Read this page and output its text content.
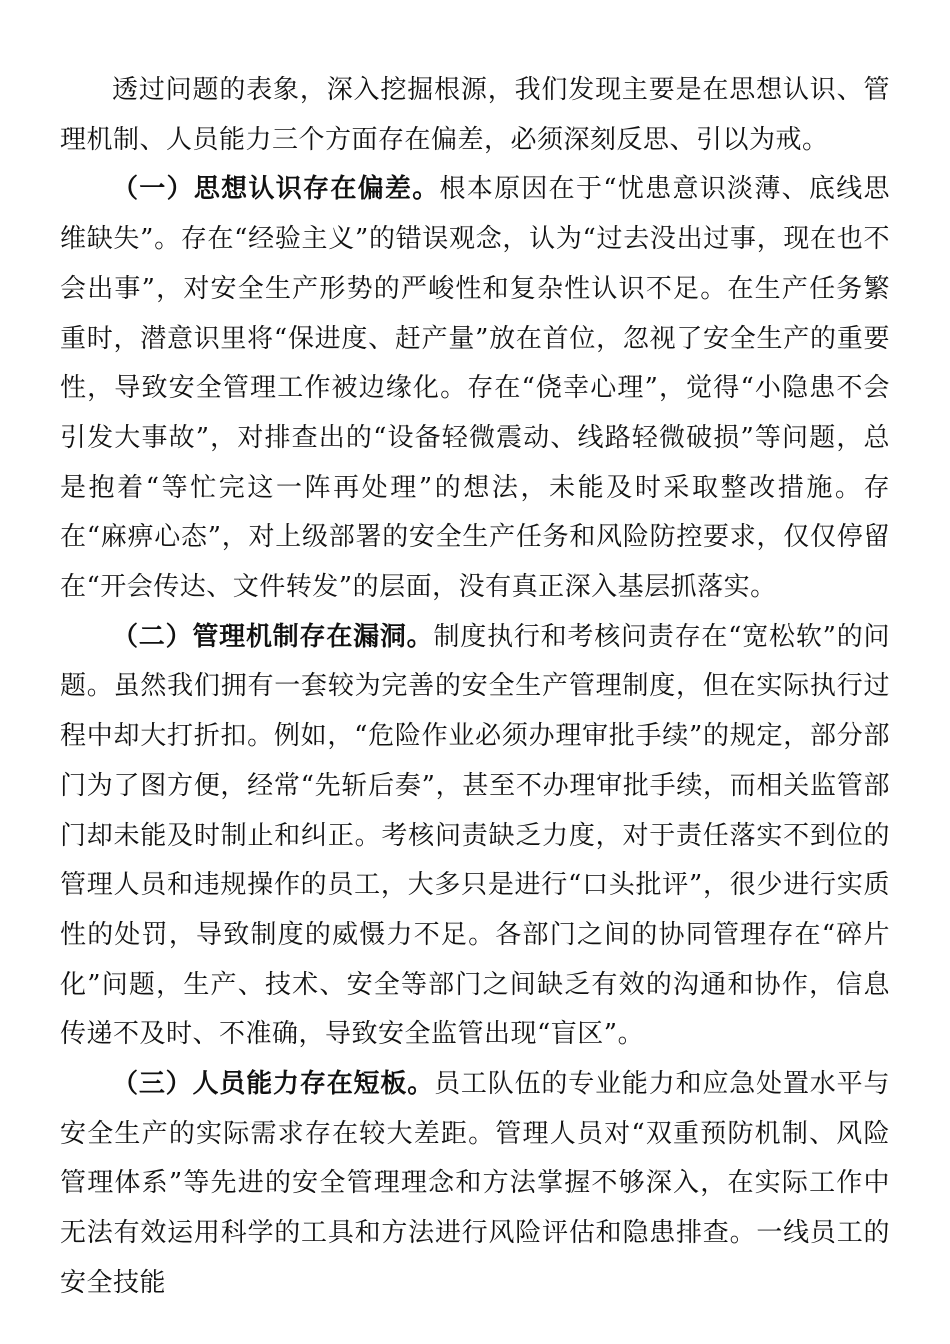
透过问题的表象，深入挖掘根源，我们发现主要是在思想认识、管理机制、人员能力三个方面存在偏差，必须深刻反思、引以为戒。

（一）思想认识存在偏差。根本原因在于“忧患意识淡薄、底线思维缺失”。存在“经验主义”的错误观念，认为“过去没出过事，现在也不会出事”，对安全生产形势的严峻性和复杂性认识不足。在生产任务繁重时，潜意识里将“保进度、赶产量”放在首位，忽视了安全生产的重要性，导致安全管理工作被边缘化。存在“侥幸心理”，觉得“小隐患不会引发大事故”，对排查出的“设备轻微震动、线路轻微破损”等问题，总是抱着“等忙完这一阵再处理”的想法，未能及时采取整改措施。存在“麻痹心态”，对上级部署的安全生产任务和风险防控要求，仅仅停留在“开会传达、文件转发”的层面，没有真正深入基层抓落实。

（二）管理机制存在漏洞。制度执行和考核问责存在“宽松软”的问题。虽然我们拥有一套较为完善的安全生产管理制度，但在实际执行过程中却大打折扣。例如，“危险作业必须办理审批手续”的规定，部分部门为了图方便，经常“先斩后奏”，甚至不办理审批手续，而相关监管部门却未能及时制止和纠正。考核问责缺乏力度，对于责任落实不到位的管理人员和违规操作的员工，大多只是进行“口头批评”，很少进行实质性的处罚，导致制度的威慑力不足。各部门之间的协同管理存在“碎片化”问题，生产、技术、安全等部门之间缺乏有效的沟通和协作，信息传递不及时、不准确，导致安全监管出现“盲区”。

（三）人员能力存在短板。员工队伍的专业能力和应急处置水平与安全生产的实际需求存在较大差距。管理人员对“双重预防机制、风险管理体系”等先进的安全管理理念和方法掌握不够深入，在实际工作中无法有效运用科学的工具和方法进行风险评估和隐患排查。一线员工的安全技能
